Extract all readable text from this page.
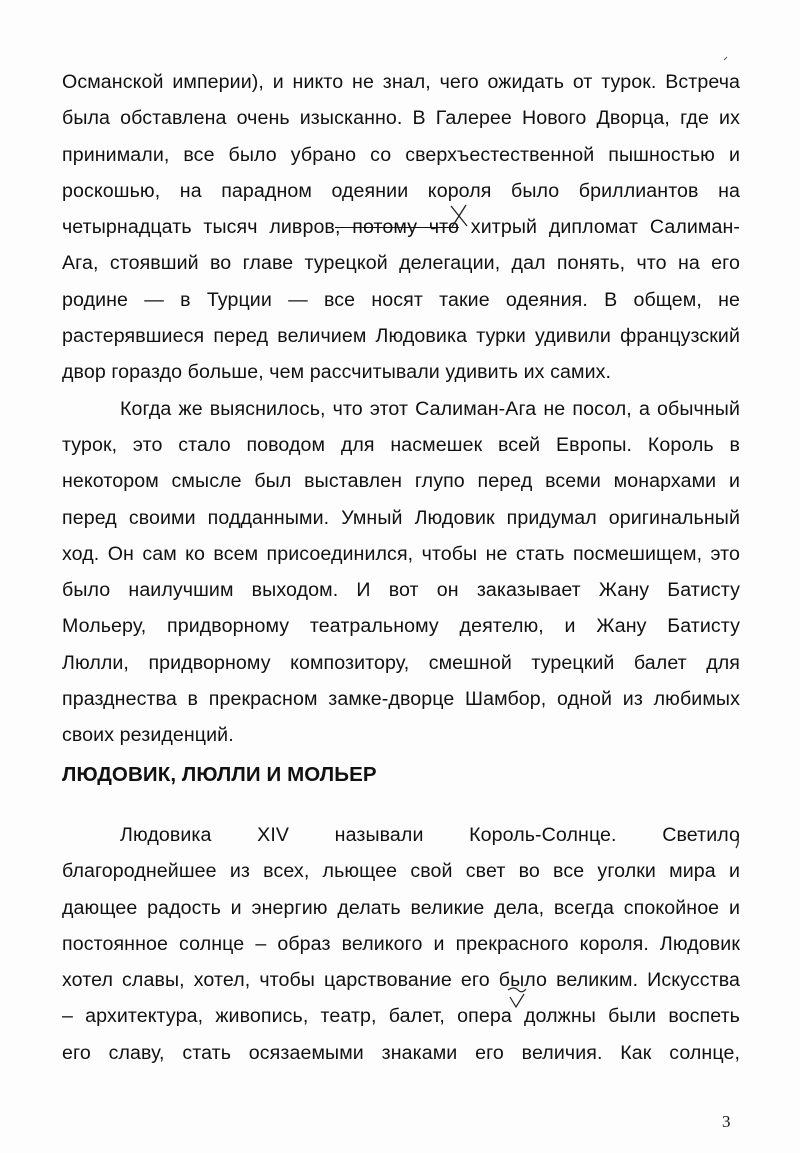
Османской империи), и никто не знал, чего ожидать от турок. Встреча
была обставлена очень изысканно. В Галерее Нового Дворца, где их
принимали, все было убрано со сверхъестественной пышностью и
роскошью, на парадном одеянии короля было бриллиантов на
четырнадцать тысяч ливров, потому что хитрый дипломат Салиман-
Ага, стоявший во главе турецкой делегации, дал понять, что на его
родине — в Турции — все носят такие одеяния. В общем, не
растерявшиеся перед величием Людовика турки удивили французский
двор гораздо больше, чем рассчитывали удивить их самих.
Когда же выяснилось, что этот Салиман-Ага не посол, а обычный
турок, это стало поводом для насмешек всей Европы. Король в
некотором смысле был выставлен глупо перед всеми монархами и
перед своими подданными. Умный Людовик придумал оригинальный
ход. Он сам ко всем присоединился, чтобы не стать посмешищем, это
было наилучшим выходом. И вот он заказывает Жану Батисту
Мольеру, придворному театральному деятелю, и Жану Батисту
Люлли, придворному композитору, смешной турецкий балет для
празднества в прекрасном замке-дворце Шамбор, одной из любимых
своих резиденций.
ЛЮДОВИК, ЛЮЛЛИ И МОЛЬЕР
Людовика XIV называли Король-Солнце. Светило
благороднейшее из всех, льющее свой свет во все уголки мира и
дающее радость и энергию делать великие дела, всегда спокойное и
постоянное солнце – образ великого и прекрасного короля. Людовик
хотел славы, хотел, чтобы царствование его было великим. Искусства
– архитектура, живопись, театр, балет, опера должны были воспеть
его славу, стать осязаемыми знаками его величия. Как солнце,
3
